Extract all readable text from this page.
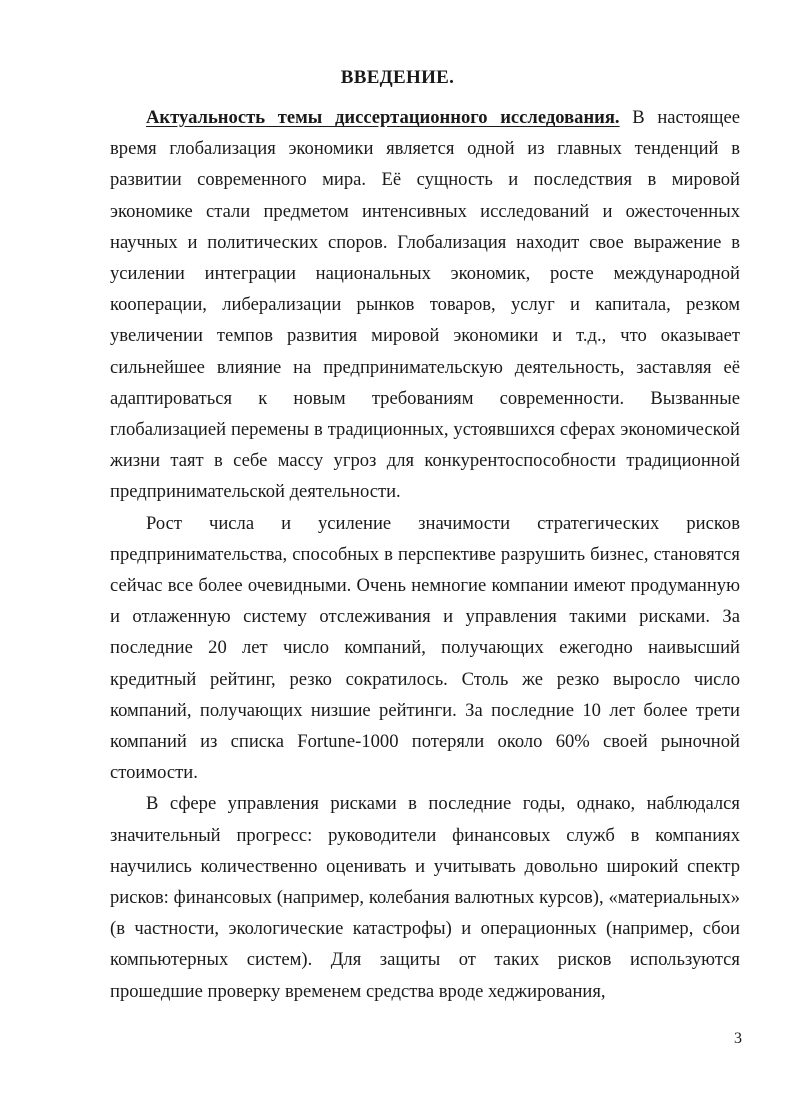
ВВЕДЕНИЕ.

Актуальность темы диссертационного исследования. В настоящее время глобализация экономики является одной из главных тенденций в развитии современного мира. Её сущность и последствия в мировой экономике стали предметом интенсивных исследований и ожесточенных научных и политических споров. Глобализация находит свое выражение в усилении интеграции национальных экономик, росте международной кооперации, либерализации рынков товаров, услуг и капитала, резком увеличении темпов развития мировой экономики и т.д., что оказывает сильнейшее влияние на предпринимательскую деятельность, заставляя её адаптироваться к новым требованиям современности. Вызванные глобализацией перемены в традиционных, устоявшихся сферах экономической жизни таят в себе массу угроз для конкурентоспособности традиционной предпринимательской деятельности.

Рост числа и усиление значимости стратегических рисков предпринимательства, способных в перспективе разрушить бизнес, становятся сейчас все более очевидными. Очень немногие компании имеют продуманную и отлаженную систему отслеживания и управления такими рисками. За последние 20 лет число компаний, получающих ежегодно наивысший кредитный рейтинг, резко сократилось. Столь же резко выросло число компаний, получающих низшие рейтинги. За последние 10 лет более трети компаний из списка Fortune-1000 потеряли около 60% своей рыночной стоимости.

В сфере управления рисками в последние годы, однако, наблюдался значительный прогресс: руководители финансовых служб в компаниях научились количественно оценивать и учитывать довольно широкий спектр рисков: финансовых (например, колебания валютных курсов), «материальных» (в частности, экологические катастрофы) и операционных (например, сбои компьютерных систем). Для защиты от таких рисков используются прошедшие проверку временем средства вроде хеджирования,

3
